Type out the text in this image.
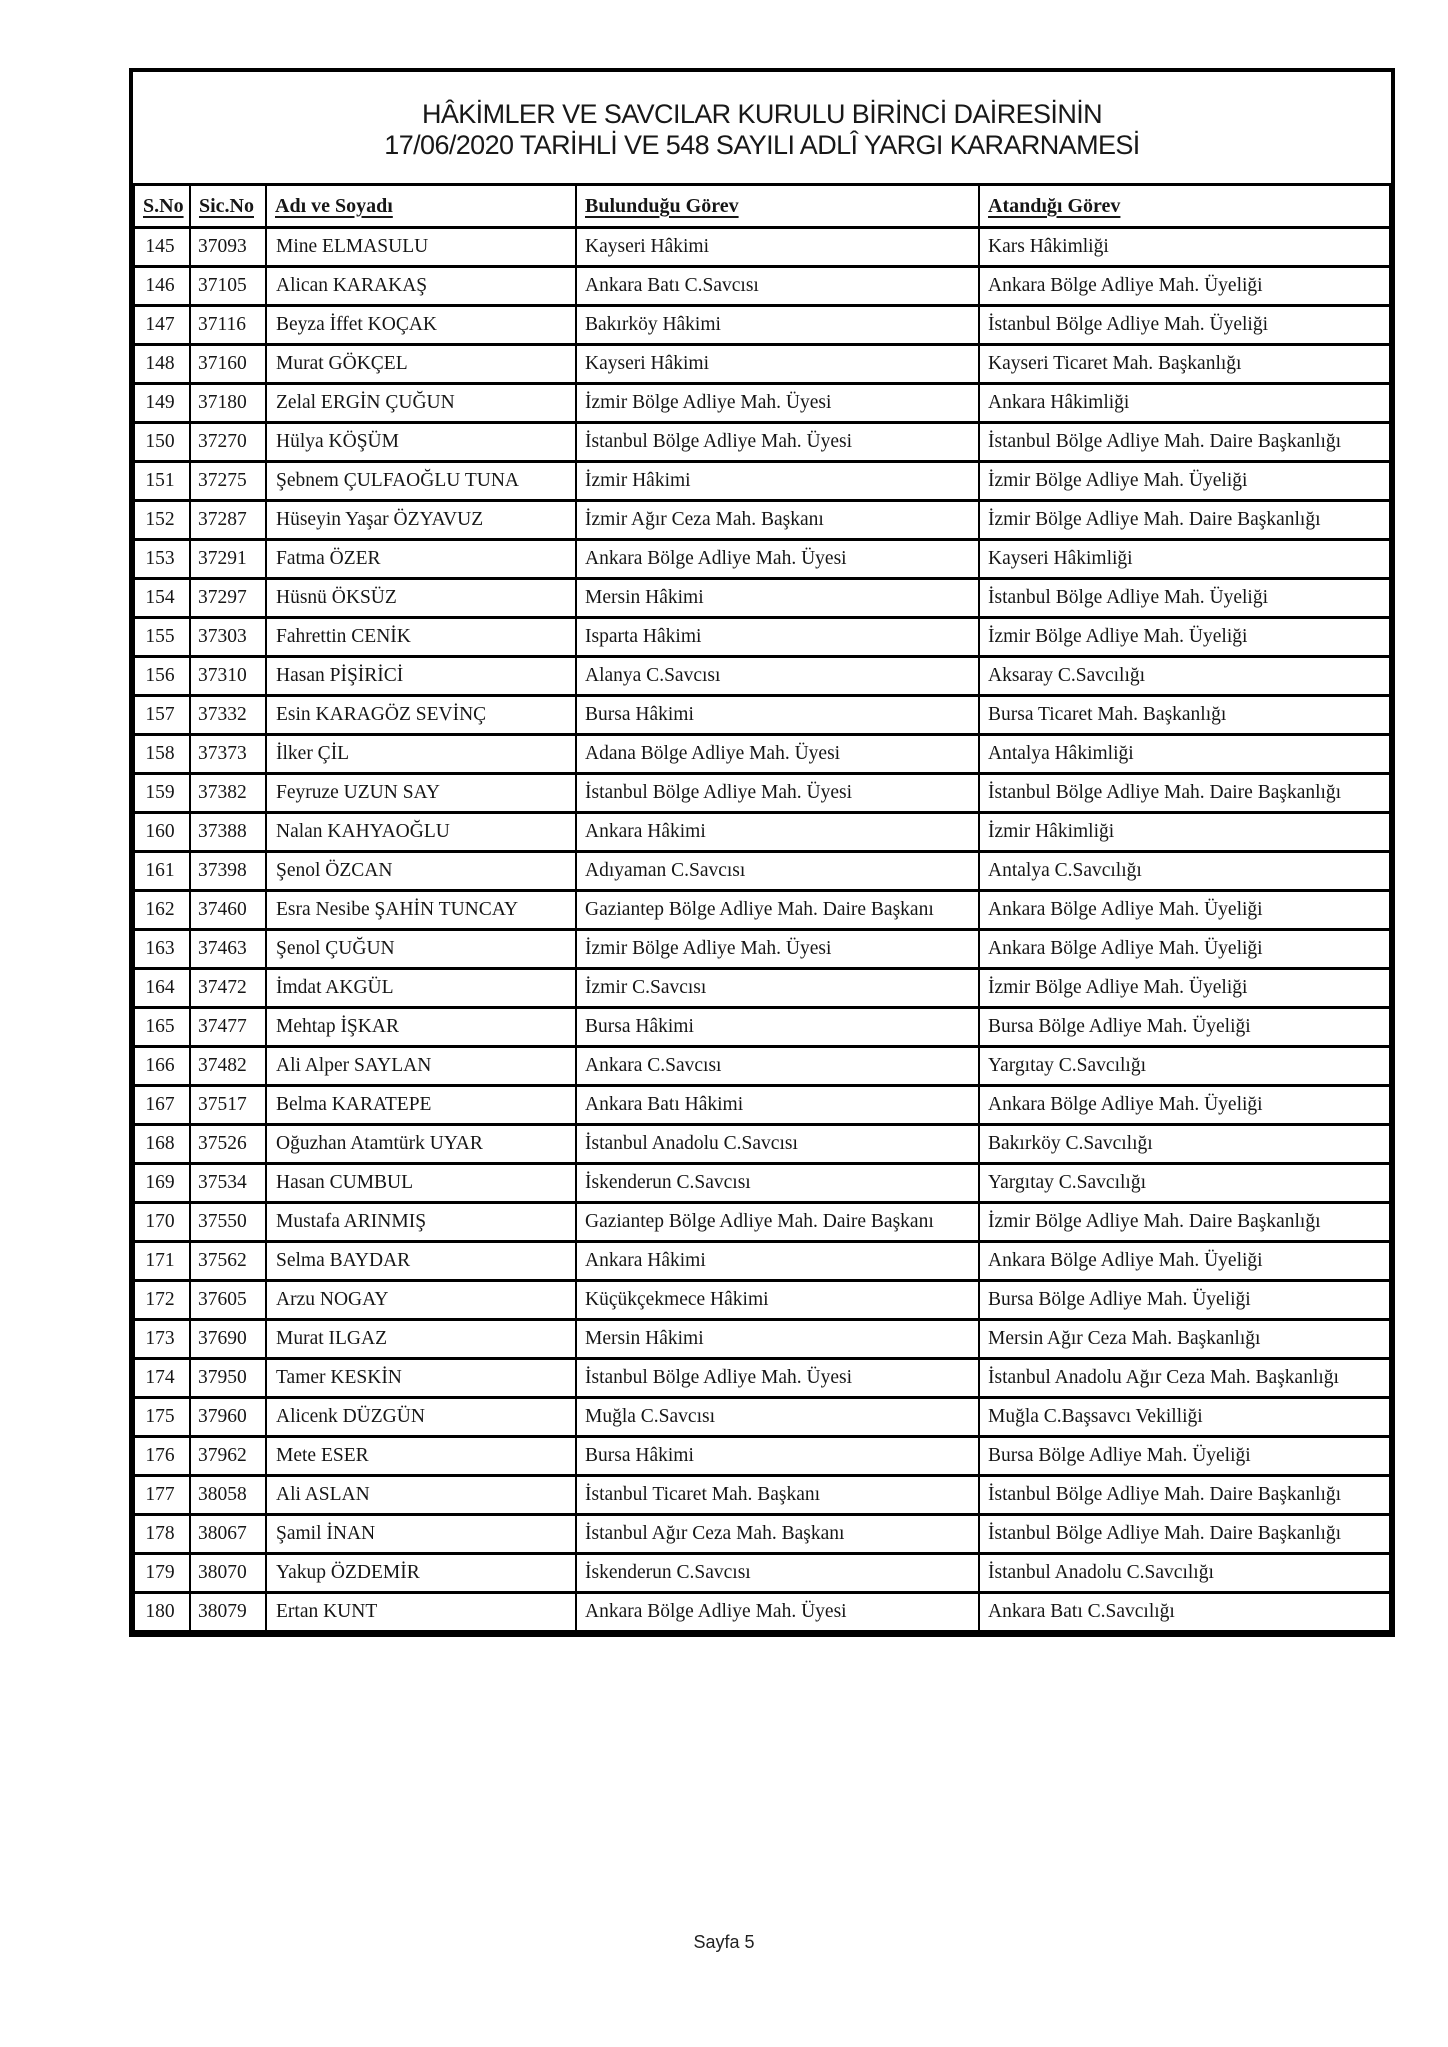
HÂKİMLER VE SAVCILAR KURULU BİRİNCİ DAİRESİNİN
17/06/2020 TARİHLİ VE 548 SAYILI ADLÎ YARGI KARARNAMESİ
S.No	Sic.No	Adı ve Soyadı	Bulunduğu Görev	Atandığı Görev
145	37093	Mine ELMASULU	Kayseri Hâkimi	Kars Hâkimliği
146	37105	Alican KARAKAŞ	Ankara Batı C.Savcısı	Ankara Bölge Adliye Mah. Üyeliği
147	37116	Beyza İffet KOÇAK	Bakırköy Hâkimi	İstanbul Bölge Adliye Mah. Üyeliği
148	37160	Murat GÖKÇEL	Kayseri Hâkimi	Kayseri Ticaret Mah. Başkanlığı
149	37180	Zelal ERGİN ÇUĞUN	İzmir Bölge Adliye Mah. Üyesi	Ankara Hâkimliği
150	37270	Hülya KÖŞÜM	İstanbul Bölge Adliye Mah. Üyesi	İstanbul Bölge Adliye Mah. Daire Başkanlığı
151	37275	Şebnem ÇULFAOĞLU TUNA	İzmir Hâkimi	İzmir Bölge Adliye Mah. Üyeliği
152	37287	Hüseyin Yaşar ÖZYAVUZ	İzmir Ağır Ceza Mah. Başkanı	İzmir Bölge Adliye Mah. Daire Başkanlığı
153	37291	Fatma ÖZER	Ankara Bölge Adliye Mah. Üyesi	Kayseri Hâkimliği
154	37297	Hüsnü ÖKSÜZ	Mersin Hâkimi	İstanbul Bölge Adliye Mah. Üyeliği
155	37303	Fahrettin CENİK	Isparta Hâkimi	İzmir Bölge Adliye Mah. Üyeliği
156	37310	Hasan PİŞİRİCİ	Alanya C.Savcısı	Aksaray C.Savcılığı
157	37332	Esin KARAGÖZ SEVİNÇ	Bursa Hâkimi	Bursa Ticaret Mah. Başkanlığı
158	37373	İlker ÇİL	Adana Bölge Adliye Mah. Üyesi	Antalya Hâkimliği
159	37382	Feyruze UZUN SAY	İstanbul Bölge Adliye Mah. Üyesi	İstanbul Bölge Adliye Mah. Daire Başkanlığı
160	37388	Nalan KAHYAOĞLU	Ankara Hâkimi	İzmir Hâkimliği
161	37398	Şenol ÖZCAN	Adıyaman C.Savcısı	Antalya C.Savcılığı
162	37460	Esra Nesibe ŞAHİN TUNCAY	Gaziantep Bölge Adliye Mah. Daire Başkanı	Ankara Bölge Adliye Mah. Üyeliği
163	37463	Şenol ÇUĞUN	İzmir Bölge Adliye Mah. Üyesi	Ankara Bölge Adliye Mah. Üyeliği
164	37472	İmdat AKGÜL	İzmir C.Savcısı	İzmir Bölge Adliye Mah. Üyeliği
165	37477	Mehtap İŞKAR	Bursa Hâkimi	Bursa Bölge Adliye Mah. Üyeliği
166	37482	Ali Alper SAYLAN	Ankara C.Savcısı	Yargıtay C.Savcılığı
167	37517	Belma KARATEPE	Ankara Batı Hâkimi	Ankara Bölge Adliye Mah. Üyeliği
168	37526	Oğuzhan Atamtürk UYAR	İstanbul Anadolu C.Savcısı	Bakırköy C.Savcılığı
169	37534	Hasan CUMBUL	İskenderun C.Savcısı	Yargıtay C.Savcılığı
170	37550	Mustafa ARINMIŞ	Gaziantep Bölge Adliye Mah. Daire Başkanı	İzmir Bölge Adliye Mah. Daire Başkanlığı
171	37562	Selma BAYDAR	Ankara Hâkimi	Ankara Bölge Adliye Mah. Üyeliği
172	37605	Arzu NOGAY	Küçükçekmece Hâkimi	Bursa Bölge Adliye Mah. Üyeliği
173	37690	Murat ILGAZ	Mersin Hâkimi	Mersin Ağır Ceza Mah. Başkanlığı
174	37950	Tamer KESKİN	İstanbul Bölge Adliye Mah. Üyesi	İstanbul Anadolu Ağır Ceza Mah. Başkanlığı
175	37960	Alicenk DÜZGÜN	Muğla C.Savcısı	Muğla C.Başsavcı Vekilliği
176	37962	Mete ESER	Bursa Hâkimi	Bursa Bölge Adliye Mah. Üyeliği
177	38058	Ali ASLAN	İstanbul Ticaret Mah. Başkanı	İstanbul Bölge Adliye Mah. Daire Başkanlığı
178	38067	Şamil İNAN	İstanbul Ağır Ceza Mah. Başkanı	İstanbul Bölge Adliye Mah. Daire Başkanlığı
179	38070	Yakup ÖZDEMİR	İskenderun C.Savcısı	İstanbul Anadolu C.Savcılığı
180	38079	Ertan KUNT	Ankara Bölge Adliye Mah. Üyesi	Ankara Batı C.Savcılığı
Sayfa 5
